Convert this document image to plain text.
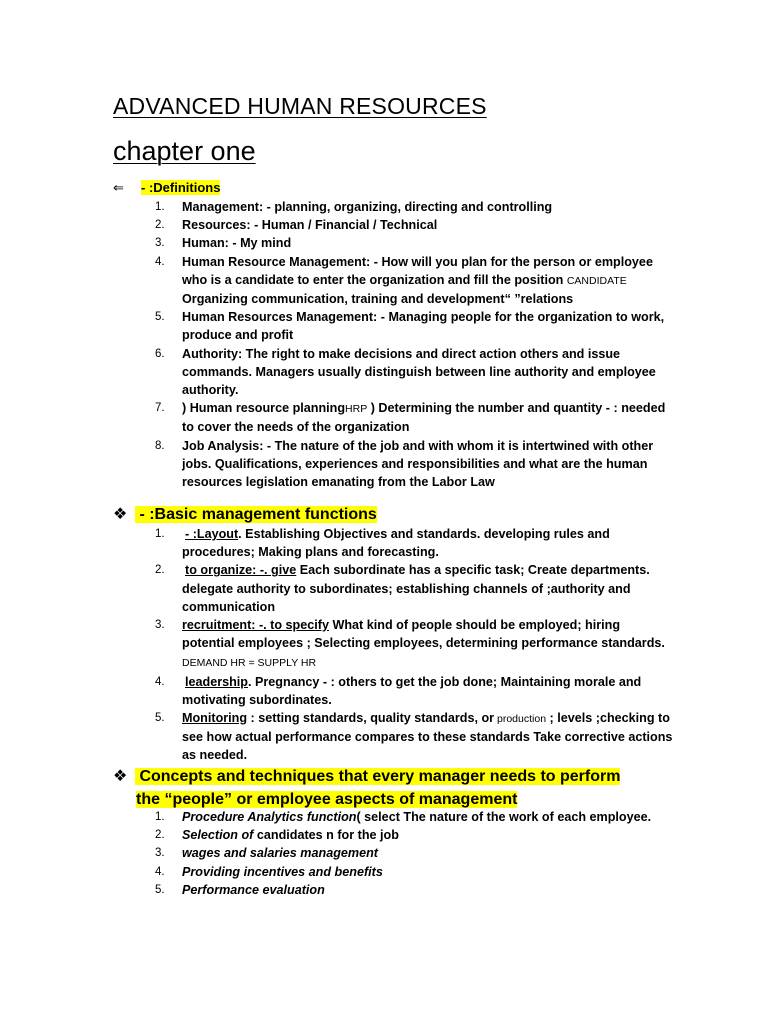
ADVANCED HUMAN RESOURCES
chapter one
⇐ - :Definitions
1. Management: - planning, organizing, directing and controlling
2. Resources: - Human / Financial / Technical
3. Human: - My mind
4. Human Resource Management: - How will you plan for the person or employee who is a candidate to enter the organization and fill the position CANDIDATE Organizing communication, training and development“ ”relations
5. Human Resources Management: - Managing people for the organization to work, produce and profit
6. Authority: The right to make decisions and direct action others and issue commands. Managers usually distinguish between line authority and employee authority.
7. ) Human resource planningHRP ) Determining the number and quantity - : needed to cover the needs of the organization
8. Job Analysis: - The nature of the job and with whom it is intertwined with other jobs. Qualifications, experiences and responsibilities and what are the human resources legislation emanating from the Labor Law
❖ - :Basic management functions
1. - :Layout. Establishing Objectives and standards. developing rules and procedures; Making plans and forecasting.
2. to organize: -. give Each subordinate has a specific task; Create departments. delegate authority to subordinates; establishing channels of ;authority and communication
3. recruitment: -. to specify What kind of people should be employed; hiring potential employees ; Selecting employees, determining performance standards. DEMAND HR = SUPPLY HR
4. leadership. Pregnancy - : others to get the job done; Maintaining morale and motivating subordinates.
5. Monitoring : setting standards, quality standards, or production ; levels ;checking to see how actual performance compares to these standards Take corrective actions as needed.
❖ Concepts and techniques that every manager needs to perform
the “people” or employee aspects of management
1. Procedure Analytics function( select The nature of the work of each employee.
2. Selection of candidates n for the job
3. wages and salaries management
4. Providing incentives and benefits
5. Performance evaluation
